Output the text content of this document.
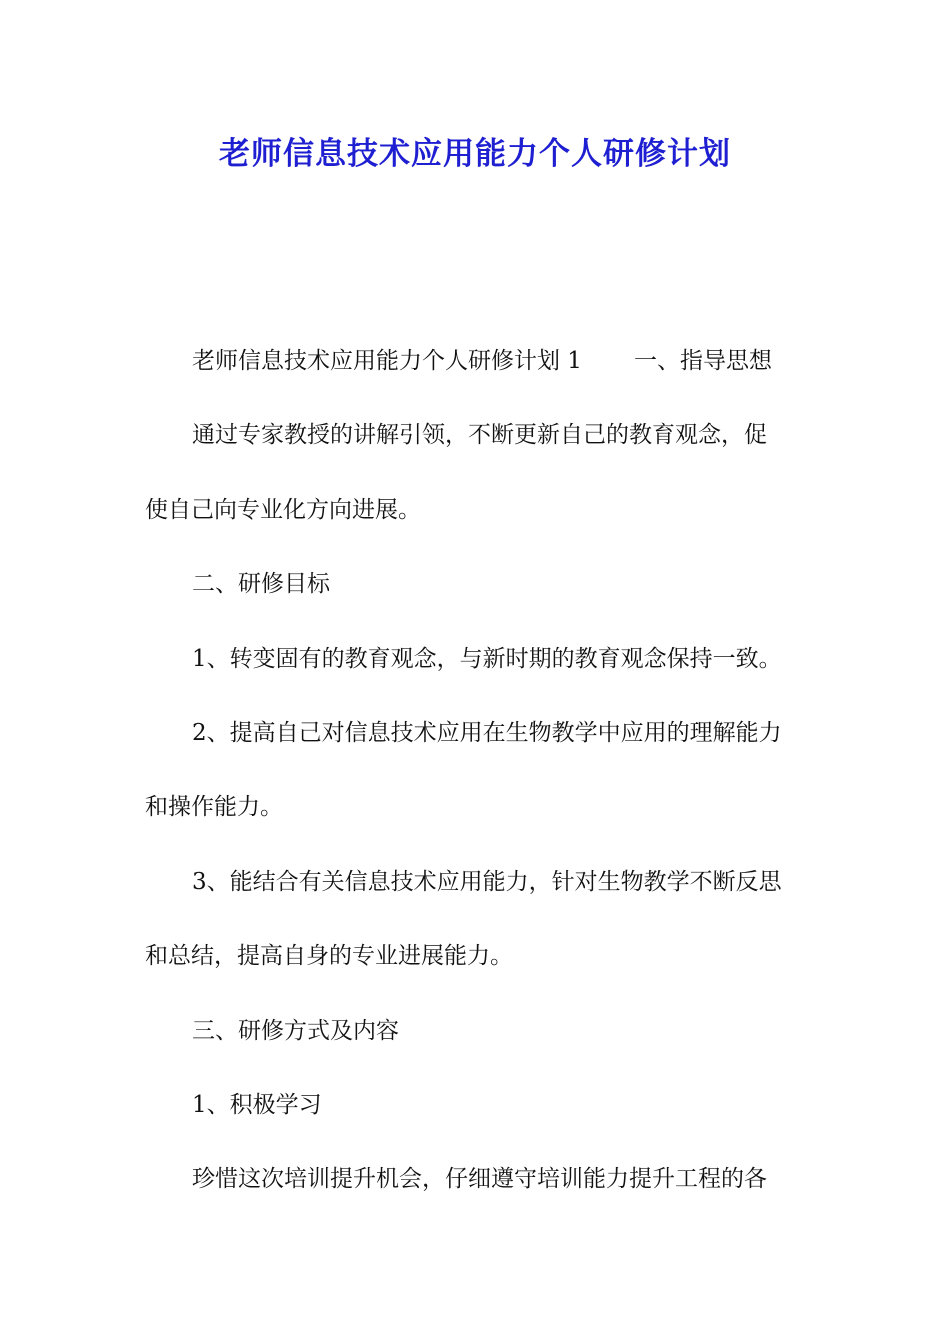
老师信息技术应用能力个人研修计划
老师信息技术应用能力个人研修计划 1 一、指导思想
通过专家教授的讲解引领，不断更新自己的教育观念，促
使自己向专业化方向进展。
二、研修目标
1、转变固有的教育观念，与新时期的教育观念保持一致。
2、提高自己对信息技术应用在生物教学中应用的理解能力
和操作能力。
3、能结合有关信息技术应用能力，针对生物教学不断反思
和总结，提高自身的专业进展能力。
三、研修方式及内容
1、积极学习
珍惜这次培训提升机会，仔细遵守培训能力提升工程的各
